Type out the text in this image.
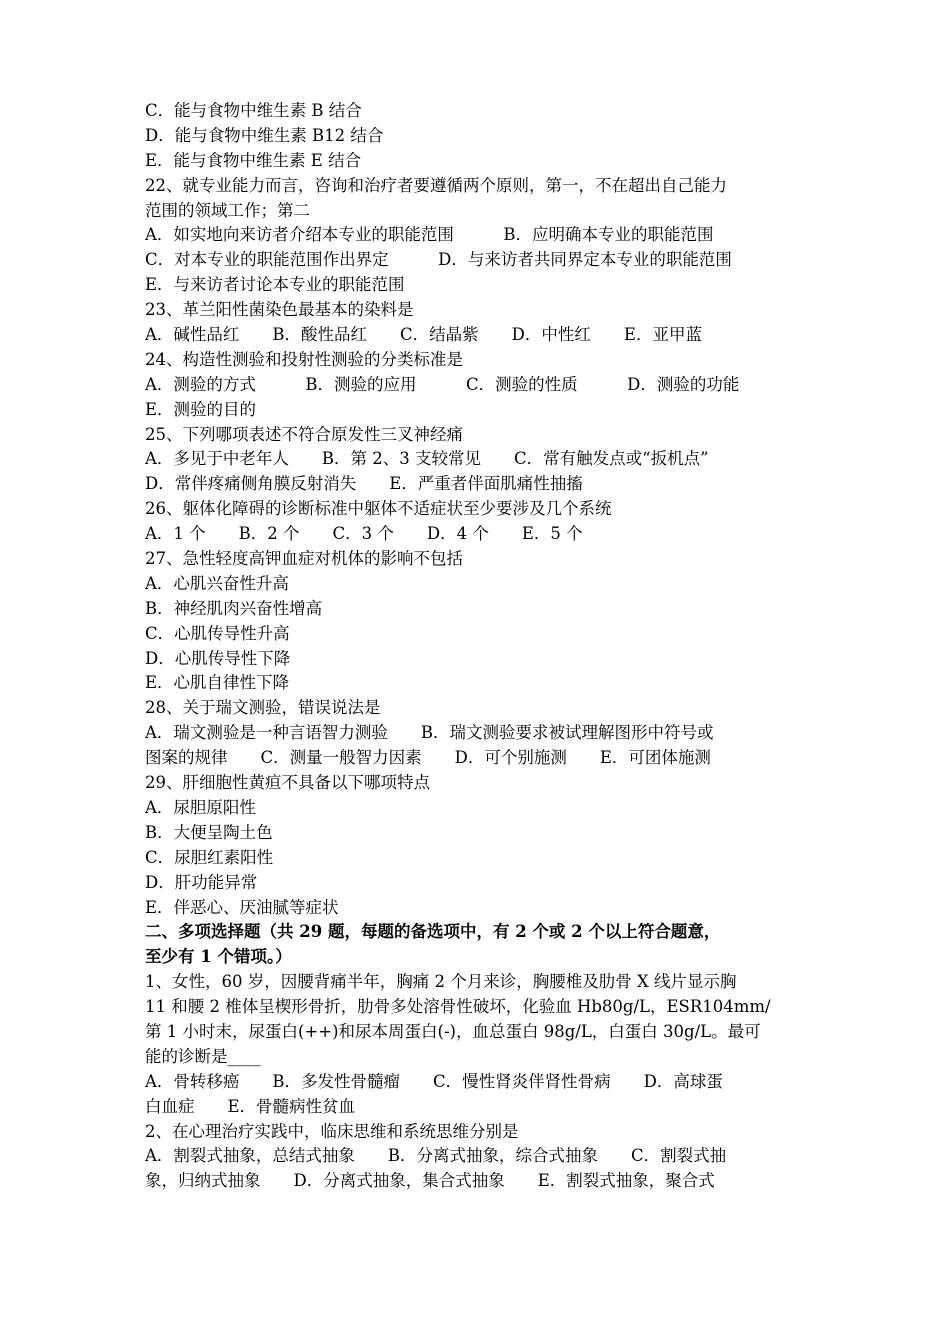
C．能与食物中维生素 B 结合
D．能与食物中维生素 B12 结合
E．能与食物中维生素 E 结合
22、就专业能力而言，咨询和治疗者要遵循两个原则，第一，不在超出自己能力
范围的领域工作；第二
A．如实地向来访者介绍本专业的职能范围　　　B．应明确本专业的职能范围
C．对本专业的职能范围作出界定　　　D．与来访者共同界定本专业的职能范围
E．与来访者讨论本专业的职能范围
23、革兰阳性菌染色最基本的染料是
A．碱性品红　　B．酸性品红　　C．结晶紫　　D．中性红　　E．亚甲蓝
24、构造性测验和投射性测验的分类标准是
A．测验的方式　　　B．测验的应用　　　C．测验的性质　　　D．测验的功能
E．测验的目的
25、下列哪项表述不符合原发性三叉神经痛
A．多见于中老年人　　B．第 2、3 支较常见　　C．常有触发点或“扳机点”
D．常伴疼痛侧角膜反射消失　　E．严重者伴面肌痛性抽搐
26、躯体化障碍的诊断标准中躯体不适症状至少要涉及几个系统
A．1 个　　B．2 个　　C．3 个　　D．4 个　　E．5 个
27、急性轻度高钾血症对机体的影响不包括
A．心肌兴奋性升高
B．神经肌肉兴奋性增高
C．心肌传导性升高
D．心肌传导性下降
E．心肌自律性下降
28、关于瑞文测验，错误说法是
A．瑞文测验是一种言语智力测验　　B．瑞文测验要求被试理解图形中符号或
图案的规律　　C．测量一般智力因素　　D．可个别施测　　E．可团体施测
29、肝细胞性黄疸不具备以下哪项特点
A．尿胆原阳性
B．大便呈陶土色
C．尿胆红素阳性
D．肝功能异常
E．伴恶心、厌油腻等症状
二、多项选择题（共 29 题，每题的备选项中，有 2 个或 2 个以上符合题意，
至少有 1 个错项。）
1、女性，60 岁，因腰背痛半年，胸痛 2 个月来诊，胸腰椎及肋骨 X 线片显示胸
11 和腰 2 椎体呈楔形骨折，肋骨多处溶骨性破坏，化验血 Hb80g/L，ESR104mm/
第 1 小时末，尿蛋白(++)和尿本周蛋白(-)，血总蛋白 98g/L，白蛋白 30g/L。最可
能的诊断是____
A．骨转移癌　　B．多发性骨髓瘤　　C．慢性肾炎伴肾性骨病　　D．高球蛋
白血症　　E．骨髓病性贫血
2、在心理治疗实践中，临床思维和系统思维分别是
A．割裂式抽象，总结式抽象　　B．分离式抽象，综合式抽象　　C．割裂式抽
象，归纳式抽象　　D．分离式抽象，集合式抽象　　E．割裂式抽象，聚合式
